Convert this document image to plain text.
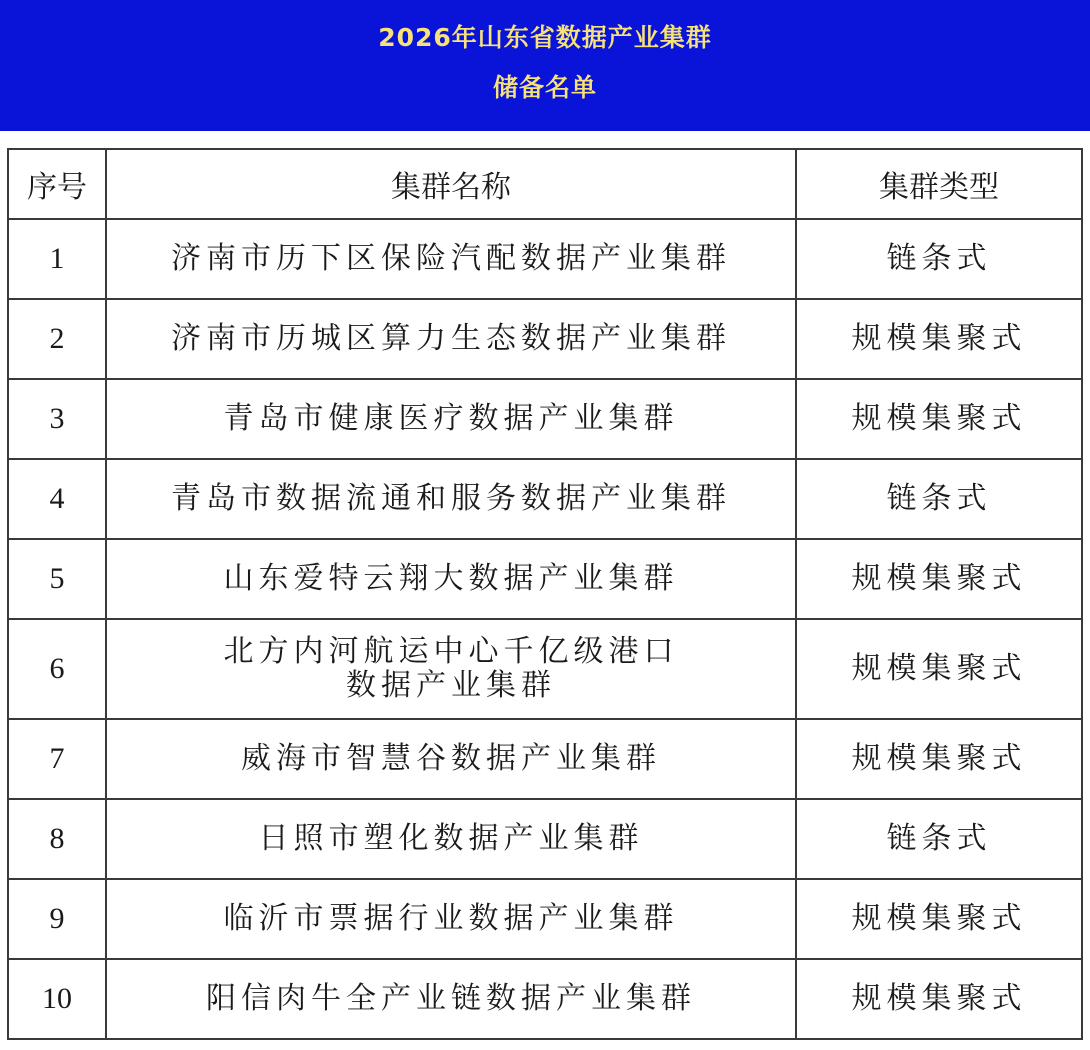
2026年山东省数据产业集群
储备名单
序号	集群名称	集群类型
1	济南市历下区保险汽配数据产业集群	链条式
2	济南市历城区算力生态数据产业集群	规模集聚式
3	青岛市健康医疗数据产业集群	规模集聚式
4	青岛市数据流通和服务数据产业集群	链条式
5	山东爱特云翔大数据产业集群	规模集聚式
6	北方内河航运中心千亿级港口
数据产业集群	规模集聚式
7	威海市智慧谷数据产业集群	规模集聚式
8	日照市塑化数据产业集群	链条式
9	临沂市票据行业数据产业集群	规模集聚式
10	阳信肉牛全产业链数据产业集群	规模集聚式
